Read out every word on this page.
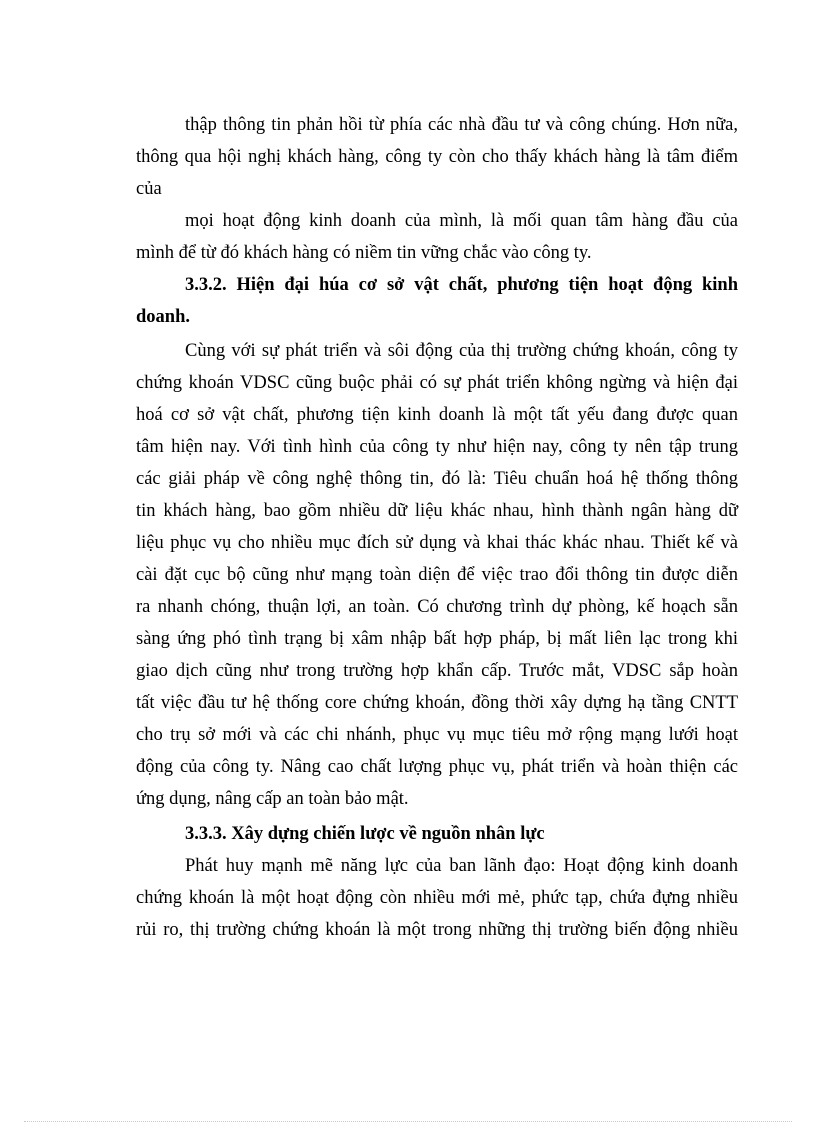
thập thông tin phản hồi từ phía các nhà đầu tư và công chúng. Hơn nữa,
thông qua hội nghị khách hàng, công ty còn cho thấy khách hàng là tâm điểm
của
mọi hoạt động kinh doanh của mình, là mối quan tâm hàng đầu của
mình để từ đó khách hàng có niềm tin vững chắc vào công ty.
3.3.2. Hiện đại húa cơ sở vật chất, phương tiện hoạt động kinh
doanh.
Cùng với sự phát triển và sôi động của thị trường chứng khoán, công ty
chứng khoán VDSC cũng buộc phải có sự phát triển không ngừng và hiện đại
hoá cơ sở vật chất, phương tiện kinh doanh là một tất yếu đang được quan
tâm hiện nay. Với tình hình của công ty như hiện nay, công ty nên tập trung
các giải pháp về công nghệ thông tin, đó là: Tiêu chuẩn hoá hệ thống thông
tin khách hàng, bao gồm nhiều dữ liệu khác nhau, hình thành ngân hàng dữ
liệu phục vụ cho nhiều mục đích sử dụng và khai thác khác nhau. Thiết kế và
cài đặt cục bộ cũng như mạng toàn diện để việc trao đổi thông tin được diễn
ra nhanh chóng, thuận lợi, an toàn. Có chương trình dự phòng, kế hoạch sẵn
sàng ứng phó tình trạng bị xâm nhập bất hợp pháp, bị mất liên lạc trong khi
giao dịch cũng như trong trường hợp khẩn cấp. Trước mắt, VDSC sắp hoàn
tất việc đầu tư hệ thống core chứng khoán, đồng thời xây dựng hạ tầng CNTT
cho trụ sở mới và các chi nhánh, phục vụ mục tiêu mở rộng mạng lưới hoạt
động của công ty. Nâng cao chất lượng phục vụ, phát triển và hoàn thiện các
ứng dụng, nâng cấp an toàn bảo mật.
3.3.3. Xây dựng chiến lược về nguồn nhân lực
Phát huy mạnh mẽ năng lực của ban lãnh đạo: Hoạt động kinh doanh
chứng khoán là một hoạt động còn nhiều mới mẻ, phức tạp, chứa đựng nhiều
rủi ro, thị trường chứng khoán là một trong những thị trường biến động nhiều
